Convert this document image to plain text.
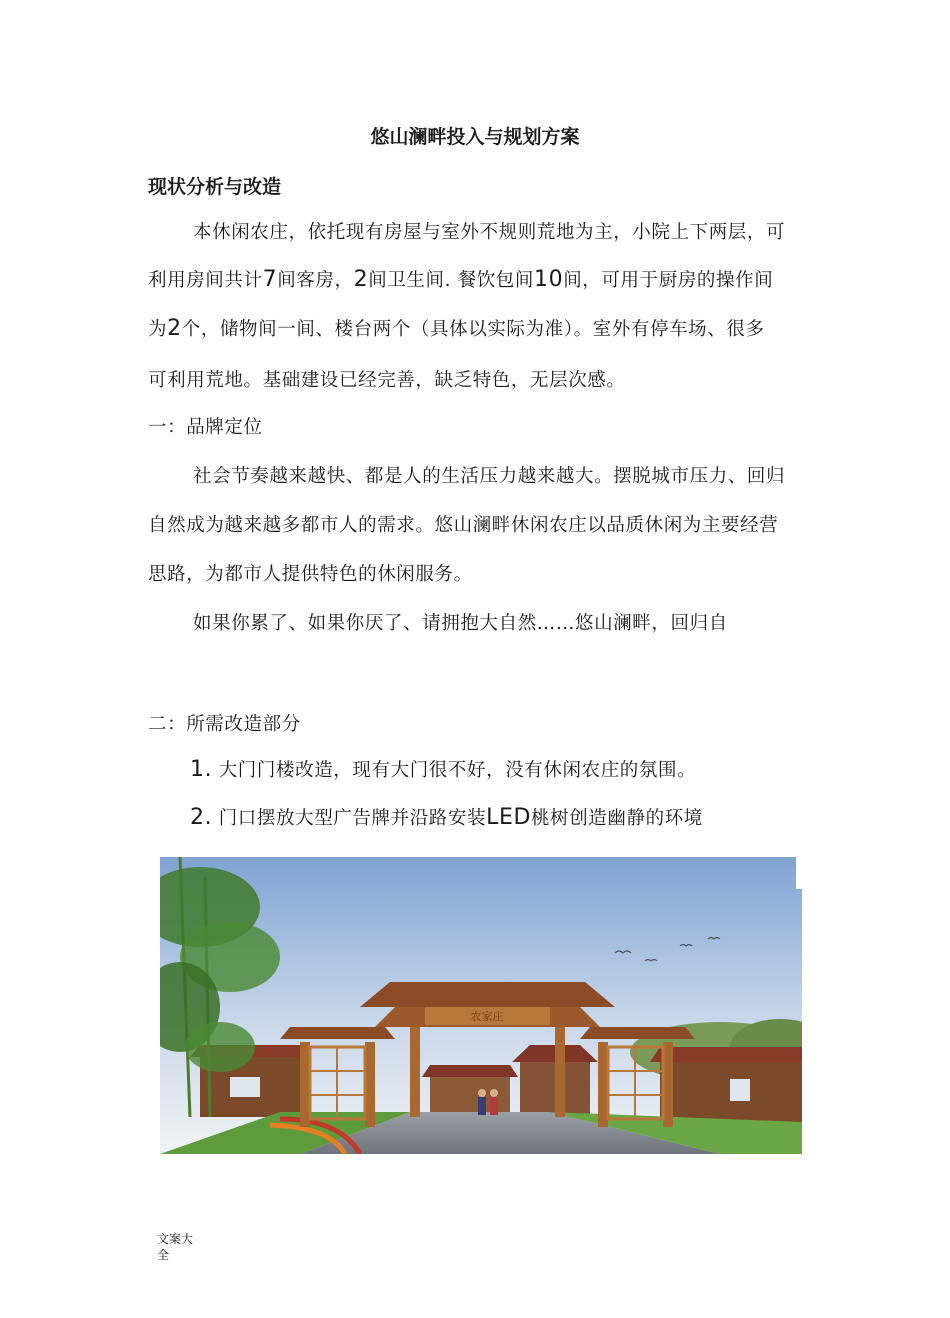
悠山澜畔投入与规划方案
现状分析与改造
本休闲农庄，依托现有房屋与室外不规则荒地为主，小院上下两层，可
利用房间共计7间客房，2间卫生间. 餐饮包间10间，可用于厨房的操作间
为2个，储物间一间、楼台两个（具体以实际为准）。室外有停车场、很多
可利用荒地。基础建设已经完善，缺乏特色，无层次感。
一：品牌定位
社会节奏越来越快、都是人的生活压力越来越大。摆脱城市压力、回归
自然成为越来越多都市人的需求。悠山澜畔休闲农庄以品质休闲为主要经营
思路，为都市人提供特色的休闲服务。
如果你累了、如果你厌了、请拥抱大自然……悠山澜畔，回归自
二：所需改造部分
1. 大门门楼改造，现有大门很不好，没有休闲农庄的氛围。
2. 门口摆放大型广告牌并沿路安装LED桃树创造幽静的环境
农家庄
文案大全
